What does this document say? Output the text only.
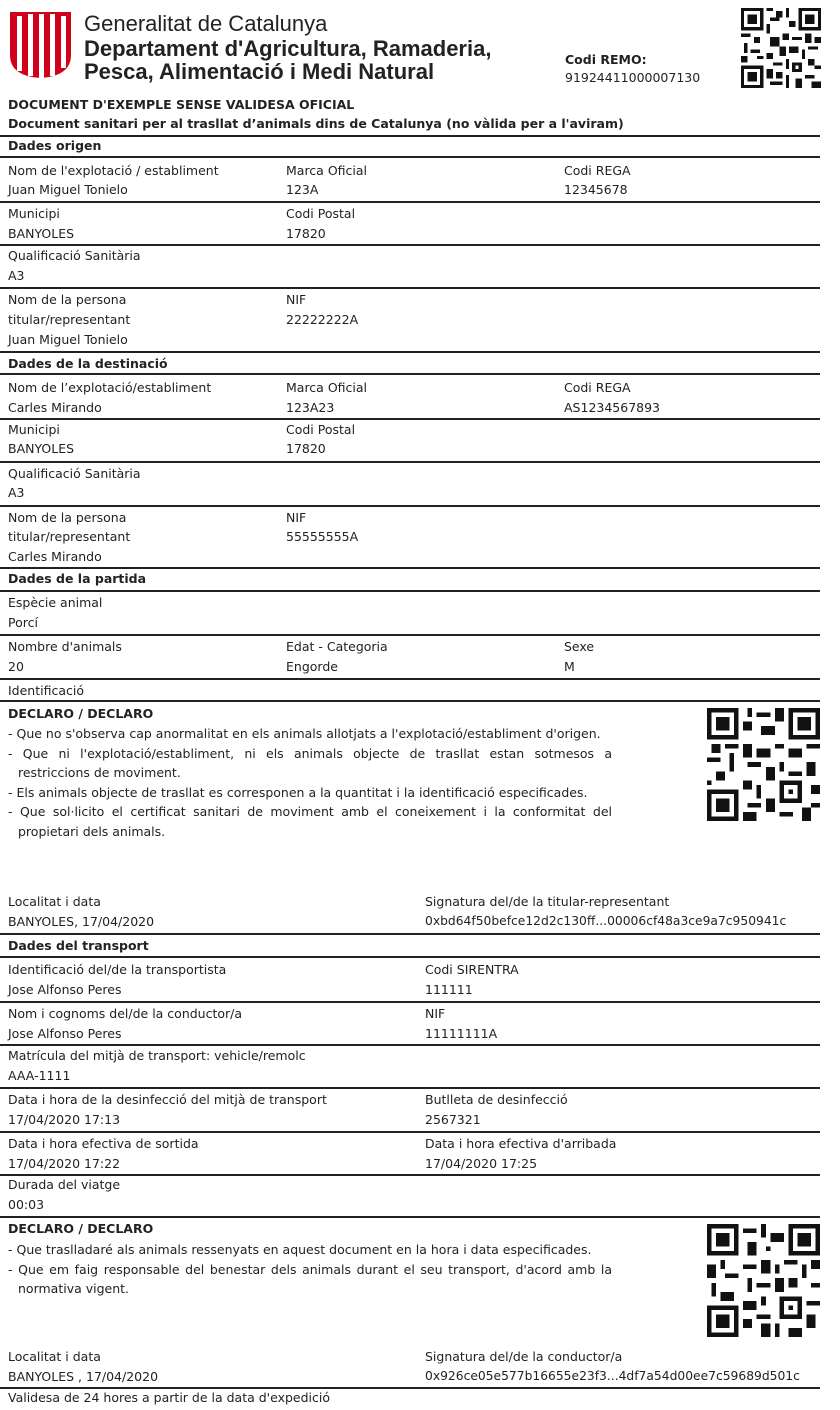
Generalitat de Catalunya
Departament d'Agricultura, Ramaderia,
Pesca, Alimentació i Medi Natural	Codi REMO:
91924411000007130
DOCUMENT D'EXEMPLE SENSE VALIDESA OFICIAL
Document sanitari per al trasllat d’animals dins de Catalunya (no vàlida per a l'aviram)
Dades origen
Nom de l'explotació / establiment	Marca Oficial	Codi REGA
Juan Miguel Tonielo	123A	12345678
Municipi	Codi Postal
BANYOLES	17820
Qualificació Sanitària
A3
Nom de la persona
titular/representant
Juan Miguel Tonielo
NIF
22222222A
Dades de la destinació
Nom de l’explotació/establiment	Marca Oficial	Codi REGA
Carles Mirando	123A23	AS1234567893
Municipi	Codi Postal
BANYOLES	17820
Qualificació Sanitària
A3
Nom de la persona
titular/representant
Carles Mirando
NIF
55555555A
Dades de la partida
Espècie animal
Porcí
Nombre d'animals	Edat - Categoria	Sexe
20	Engorde	M
Identificació
DECLARO / DECLARO

- Que no s'observa cap anormalitat en els animals allotjats a l'explotació/establiment d'origen.

- Que ni l'explotació/establiment, ni els animals objecte de trasllat estan sotmesos a restriccions de moviment.

- Els animals objecte de trasllat es corresponen a la quantitat i la identificació especificades.

- Que sol·licito el certificat sanitari de moviment amb el coneixement i la conformitat del propietari dels animals.

Localitat i data	Signatura del/de la titular-representant
BANYOLES, 17/04/2020	0xbd64f50befce12d2c130ff...00006cf48a3ce9a7c950941c
Dades del transport
Identificació del/de la transportista	Codi SIRENTRA
Jose Alfonso Peres	111111
Nom i cognoms del/de la conductor/a	NIF
Jose Alfonso Peres	11111111A
Matrícula del mitjà de transport: vehicle/remolc
AAA-1111
Data i hora de la desinfecció del mitjà de transport	Butlleta de desinfecció
17/04/2020 17:13	2567321
Data i hora efectiva de sortida	Data i hora efectiva d'arribada
17/04/2020 17:22	17/04/2020 17:25
Durada del viatge
00:03
DECLARO / DECLARO

- Que traslladaré als animals ressenyats en aquest document en la hora i data especificades.

- Que em faig responsable del benestar dels animals durant el seu transport, d'acord amb la normativa vigent.

Localitat i data	Signatura del/de la conductor/a
BANYOLES , 17/04/2020	0x926ce05e577b16655e23f3...4df7a54d00ee7c59689d501c
Validesa de 24 hores a partir de la data d'expedició
